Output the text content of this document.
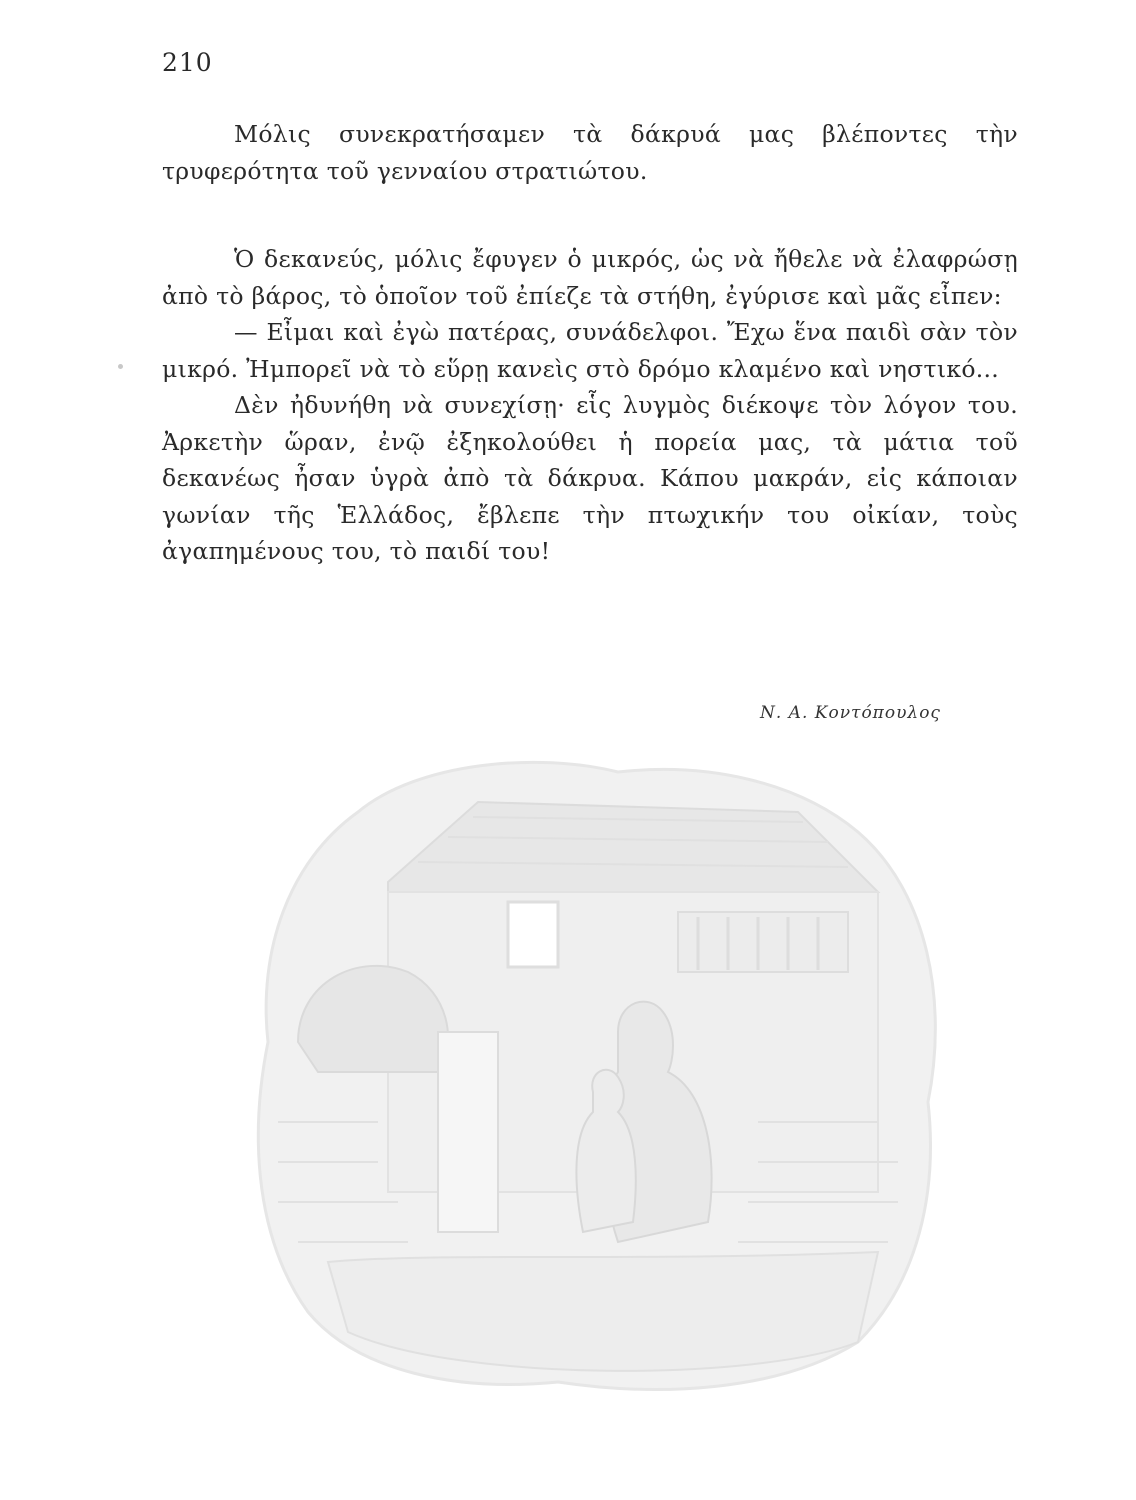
210

Μόλις συνεκρατήσαμεν τὰ δάκρυά μας βλέποντες τὴν τρυφερότητα τοῦ γενναίου στρατιώτου.

Ὁ δεκανεύς, μόλις ἔφυγεν ὁ μικρός, ὡς νὰ ἤθελε νὰ ἐλαφρώσῃ ἀπὸ τὸ βάρος, τὸ ὁποῖον τοῦ ἐπίεζε τὰ στήθη, ἐγύρισε καὶ μᾶς εἶπεν:

— Εἶμαι καὶ ἐγὼ πατέρας, συνάδελφοι. Ἔχω ἕνα παιδὶ σὰν τὸν μικρό. Ἠμπορεῖ νὰ τὸ εὕρῃ κανεὶς στὸ δρόμο κλαμένο καὶ νηστικό...

Δὲν ἠδυνήθη νὰ συνεχίσῃ· εἷς λυγμὸς διέκοψε τὸν λόγον του. Ἀρκετὴν ὥραν, ἐνῷ ἐξηκολούθει ἡ πορεία μας, τὰ μάτια τοῦ δεκανέως ἦσαν ὑγρὰ ἀπὸ τὰ δάκρυα. Κάπου μακράν, εἰς κάποιαν γωνίαν τῆς Ἑλλάδος, ἔβλεπε τὴν πτωχικήν του οἰκίαν, τοὺς ἀγαπημένους του, τὸ παιδί του!

Ν. Α. Κοντόπουλος
